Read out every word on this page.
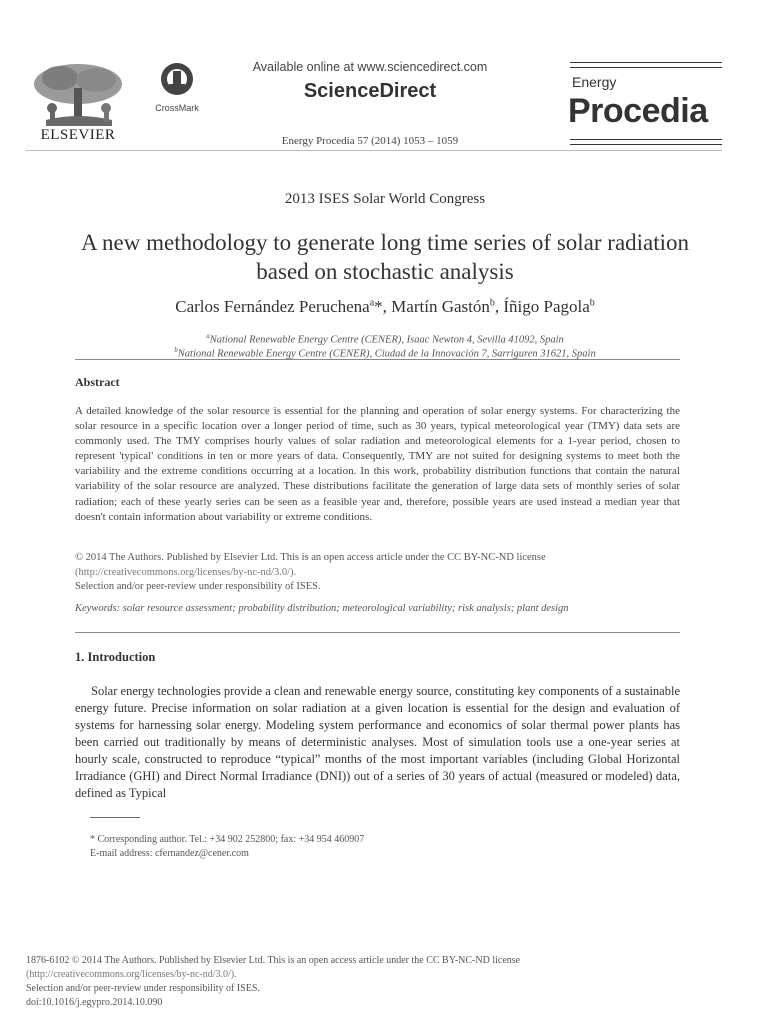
ELSEVIER
CrossMark
Available online at www.sciencedirect.com
ScienceDirect
Energy Procedia 57 (2014) 1053 – 1059
Energy
Procedia
2013 ISES Solar World Congress
A new methodology to generate long time series of solar radiation based on stochastic analysis
Carlos Fernández Peruchena$^a$*, Martín Gastón$^b$, Íñigo Pagola$^b$
$^a$National Renewable Energy Centre (CENER), Isaac Newton 4, Sevilla 41092, Spain
$^b$National Renewable Energy Centre (CENER), Ciudad de la Innovación 7, Sarriguren 31621, Spain
Abstract
A detailed knowledge of the solar resource is essential for the planning and operation of solar energy systems. For characterizing the solar resource in a specific location over a longer period of time, such as 30 years, typical meteorological year (TMY) data sets are commonly used. The TMY comprises hourly values of solar radiation and meteorological elements for a 1-year period, chosen to represent 'typical' conditions in ten or more years of data. Consequently, TMY are not suited for designing systems to meet both the variability and the extreme conditions occurring at a location. In this work, probability distribution functions that contain the natural variability of the solar resource are analyzed. These distributions facilitate the generation of large data sets of monthly series of solar radiation; each of these yearly series can be seen as a feasible year and, therefore, possible years are used instead a median year that doesn't contain information about variability or extreme conditions.
© 2014 The Authors. Published by Elsevier Ltd. This is an open access article under the CC BY-NC-ND license
(http://creativecommons.org/licenses/by-nc-nd/3.0/).
Selection and/or peer-review under responsibility of ISES.
Keywords: solar resource assessment; probability distribution; meteorological variability; risk analysis; plant design
1. Introduction
Solar energy technologies provide a clean and renewable energy source, constituting key components of a sustainable energy future. Precise information on solar radiation at a given location is essential for the design and evaluation of systems for harnessing solar energy. Modeling system performance and economics of solar thermal power plants has been carried out traditionally by means of deterministic analyses. Most of simulation tools use a one-year series at hourly scale, constructed to reproduce “typical” months of the most important variables (including Global Horizontal Irradiance (GHI) and Direct Normal Irradiance (DNI)) out of a series of 30 years of actual (measured or modeled) data, defined as Typical
* Corresponding author. Tel.: +34 902 252800; fax: +34 954 460907
E-mail address: cfernandez@cener.com
1876-6102 © 2014 The Authors. Published by Elsevier Ltd. This is an open access article under the CC BY-NC-ND license
(http://creativecommons.org/licenses/by-nc-nd/3.0/).
Selection and/or peer-review under responsibility of ISES.
doi:10.1016/j.egypro.2014.10.090
